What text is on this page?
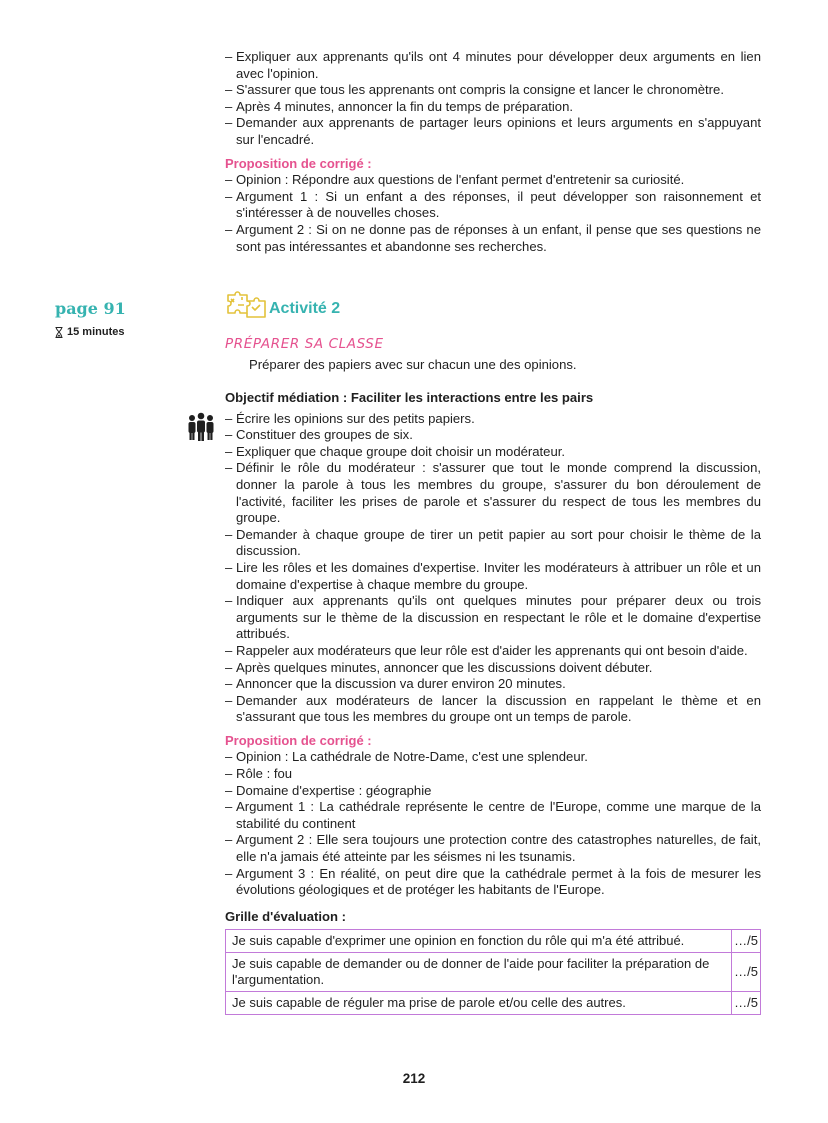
– Expliquer aux apprenants qu'ils ont 4 minutes pour développer deux arguments en lien avec l'opinion.
– S'assurer que tous les apprenants ont compris la consigne et lancer le chronomètre.
– Après 4 minutes, annoncer la fin du temps de préparation.
– Demander aux apprenants de partager leurs opinions et leurs arguments en s'appuyant sur l'encadré.
Proposition de corrigé :
– Opinion : Répondre aux questions de l'enfant permet d'entretenir sa curiosité.
– Argument 1 : Si un enfant a des réponses, il peut développer son raisonnement et s'intéresser à de nouvelles choses.
– Argument 2 : Si on ne donne pas de réponses à un enfant, il pense que ses questions ne sont pas intéressantes et abandonne ses recherches.
page 91
15 minutes
Activité 2
PRÉPARER SA CLASSE
Préparer des papiers avec sur chacun une des opinions.
Objectif médiation : Faciliter les interactions entre les pairs
– Écrire les opinions sur des petits papiers.
– Constituer des groupes de six.
– Expliquer que chaque groupe doit choisir un modérateur.
– Définir le rôle du modérateur : s'assurer que tout le monde comprend la discussion, donner la parole à tous les membres du groupe, s'assurer du bon déroulement de l'activité, faciliter les prises de parole et s'assurer du respect de tous les membres du groupe.
– Demander à chaque groupe de tirer un petit papier au sort pour choisir le thème de la discussion.
– Lire les rôles et les domaines d'expertise. Inviter les modérateurs à attribuer un rôle et un domaine d'expertise à chaque membre du groupe.
– Indiquer aux apprenants qu'ils ont quelques minutes pour préparer deux ou trois arguments sur le thème de la discussion en respectant le rôle et le domaine d'expertise attribués.
– Rappeler aux modérateurs que leur rôle est d'aider les apprenants qui ont besoin d'aide.
– Après quelques minutes, annoncer que les discussions doivent débuter.
– Annoncer que la discussion va durer environ 20 minutes.
– Demander aux modérateurs de lancer la discussion en rappelant le thème et en s'assurant que tous les membres du groupe ont un temps de parole.
Proposition de corrigé :
– Opinion : La cathédrale de Notre-Dame, c'est une splendeur.
– Rôle : fou
– Domaine d'expertise : géographie
– Argument 1 : La cathédrale représente le centre de l'Europe, comme une marque de la stabilité du continent
– Argument 2 : Elle sera toujours une protection contre des catastrophes naturelles, de fait, elle n'a jamais été atteinte par les séismes ni les tsunamis.
– Argument 3 : En réalité, on peut dire que la cathédrale permet à la fois de mesurer les évolutions géologiques et de protéger les habitants de l'Europe.
Grille d'évaluation :
Je suis capable d'exprimer une opinion en fonction du rôle qui m'a été attribué.	…/5
Je suis capable de demander ou de donner de l'aide pour faciliter la préparation de l'argumentation.	…/5
Je suis capable de réguler ma prise de parole et/ou celle des autres.	…/5
212
